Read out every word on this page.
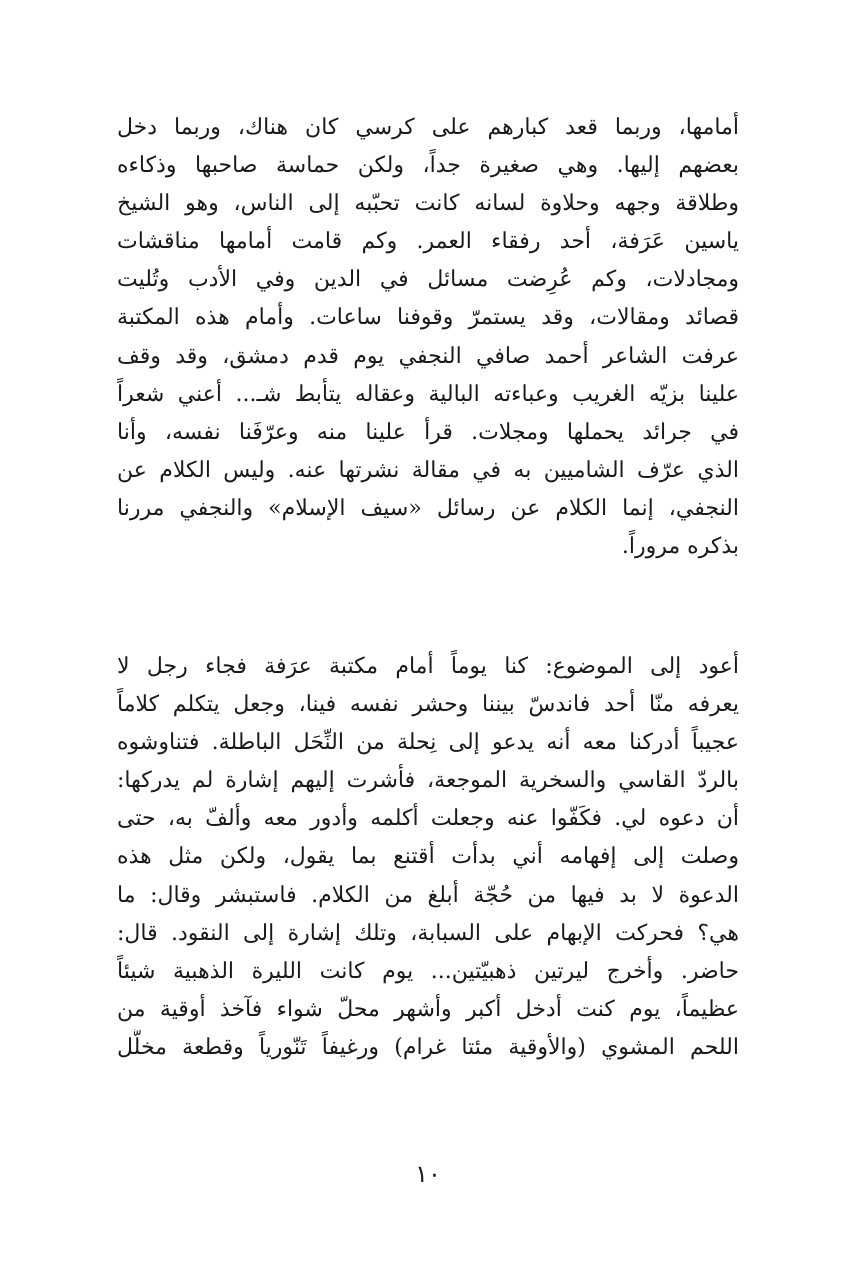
أمامها، وربما قعد كبارهم على كرسي كان هناك، وربما دخل
بعضهم إليها. وهي صغيرة جداً، ولكن حماسة صاحبها وذكاءه
وطلاقة وجهه وحلاوة لسانه كانت تحبّبه إلى الناس، وهو الشيخ
ياسين عَرَفة، أحد رفقاء العمر. وكم قامت أمامها مناقشات
ومجادلات، وكم عُرِضت مسائل في الدين وفي الأدب وتُليت
قصائد ومقالات، وقد يستمرّ وقوفنا ساعات. وأمام هذه المكتبة
عرفت الشاعر أحمد صافي النجفي يوم قدم دمشق، وقد وقف
علينا بزيّه الغريب وعباءته البالية وعقاله يتأبط شـ... أعني شعراً
في جرائد يحملها ومجلات. قرأ علينا منه وعرّفَنا نفسه، وأنا
الذي عرّف الشاميين به في مقالة نشرتها عنه. وليس الكلام عن
النجفي، إنما الكلام عن رسائل «سيف الإسلام» والنجفي مررنا
بذكره مروراً.
أعود إلى الموضوع: كنا يوماً أمام مكتبة عرَفة فجاء رجل لا
يعرفه منّا أحد فاندسّ بيننا وحشر نفسه فينا، وجعل يتكلم كلاماً
عجيباً أدركنا معه أنه يدعو إلى نِحلة من النِّحَل الباطلة. فتناوشوه
بالردّ القاسي والسخرية الموجعة، فأشرت إليهم إشارة لم يدركها:
أن دعوه لي. فكَفّوا عنه وجعلت أكلمه وأدور معه وألفّ به، حتى
وصلت إلى إفهامه أني بدأت أقتنع بما يقول، ولكن مثل هذه
الدعوة لا بد فيها من حُجّة أبلغ من الكلام. فاستبشر وقال: ما
هي؟ فحركت الإبهام على السبابة، وتلك إشارة إلى النقود. قال:
حاضر. وأخرج ليرتين ذهبيّتين... يوم كانت الليرة الذهبية شيئاً
عظيماً، يوم كنت أدخل أكبر وأشهر محلّ شواء فآخذ أوقية من
اللحم المشوي (والأوقية مئتا غرام) ورغيفاً تَنّورياً وقطعة مخلَّل
١٠
